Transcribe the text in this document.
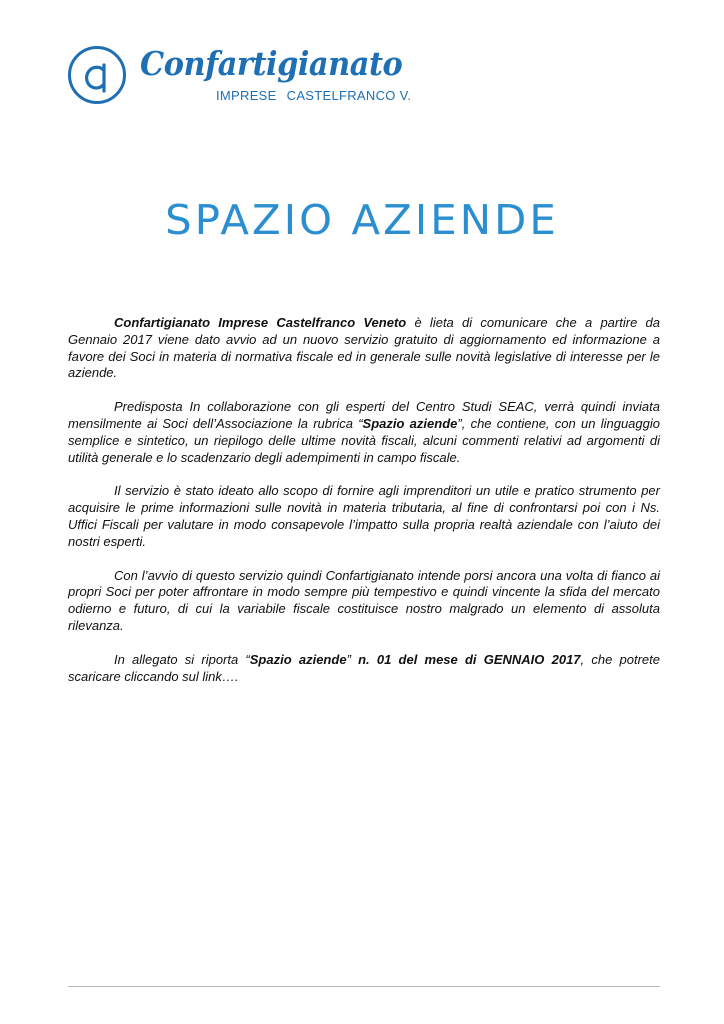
Confartigianato

IMPRESE CASTELFRANCO V.

SPAZIO AZIENDE

Confartigianato Imprese Castelfranco Veneto è lieta di comunicare che a partire da Gennaio 2017 viene dato avvio ad un nuovo servizio gratuito di aggiornamento ed informazione a favore dei Soci in materia di normativa fiscale ed in generale sulle novità legislative di interesse per le aziende.

Predisposta In collaborazione con gli esperti del Centro Studi SEAC, verrà quindi inviata mensilmente ai Soci dell’Associazione la rubrica “Spazio aziende”, che contiene, con un linguaggio semplice e sintetico, un riepilogo delle ultime novità fiscali, alcuni commenti relativi ad argomenti di utilità generale e lo scadenzario degli adempimenti in campo fiscale.

Il servizio è stato ideato allo scopo di fornire agli imprenditori un utile e pratico strumento per acquisire le prime informazioni sulle novità in materia tributaria, al fine di confrontarsi poi con i Ns. Uffici Fiscali per valutare in modo consapevole l’impatto sulla propria realtà aziendale con l’aiuto dei nostri esperti.

Con l’avvio di questo servizio quindi Confartigianato intende porsi ancora una volta di fianco ai propri Soci per poter affrontare in modo sempre più tempestivo e quindi vincente la sfida del mercato odierno e futuro, di cui la variabile fiscale costituisce nostro malgrado un elemento di assoluta rilevanza.

In allegato si riporta “Spazio aziende” n. 01 del mese di GENNAIO 2017, che potrete scaricare cliccando sul link….
